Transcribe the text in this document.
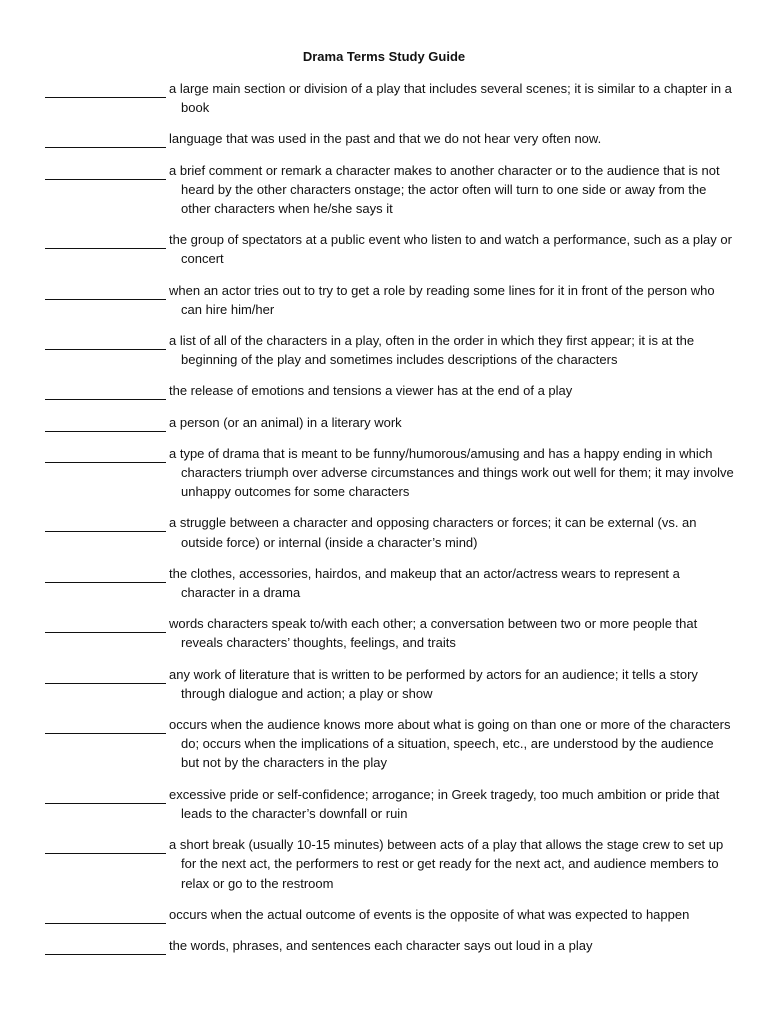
Drama Terms Study Guide
a large main section or division of a play that includes several scenes; it is similar to a chapter in a book
language that was used in the past and that we do not hear very often now.
a brief comment or remark a character makes to another character or to the audience that is not heard by the other characters onstage; the actor often will turn to one side or away from the other characters when he/she says it
the group of spectators at a public event who listen to and watch a performance, such as a play or concert
when an actor tries out to try to get a role by reading some lines for it in front of the person who can hire him/her
a list of all of the characters in a play, often in the order in which they first appear; it is at the beginning of the play and sometimes includes descriptions of the characters
the release of emotions and tensions a viewer has at the end of a play
a person (or an animal) in a literary work
a type of drama that is meant to be funny/humorous/amusing and has a happy ending in which characters triumph over adverse circumstances and things work out well for them; it may involve unhappy outcomes for some characters
a struggle between a character and opposing characters or forces; it can be external (vs. an outside force) or internal (inside a character’s mind)
the clothes, accessories, hairdos, and makeup that an actor/actress wears to represent a character in a drama
words characters speak to/with each other; a conversation between two or more people that reveals characters’ thoughts, feelings, and traits
any work of literature that is written to be performed by actors for an audience; it tells a story through dialogue and action; a play or show
occurs when the audience knows more about what is going on than one or more of the characters do; occurs when the implications of a situation, speech, etc., are understood by the audience but not by the characters in the play
excessive pride or self-confidence; arrogance; in Greek tragedy, too much ambition or pride that leads to the character’s downfall or ruin
a short break (usually 10-15 minutes) between acts of a play that allows the stage crew to set up for the next act, the performers to rest or get ready for the next act, and audience members to relax or go to the restroom
occurs when the actual outcome of events is the opposite of what was expected to happen
the words, phrases, and sentences each character says out loud in a play
